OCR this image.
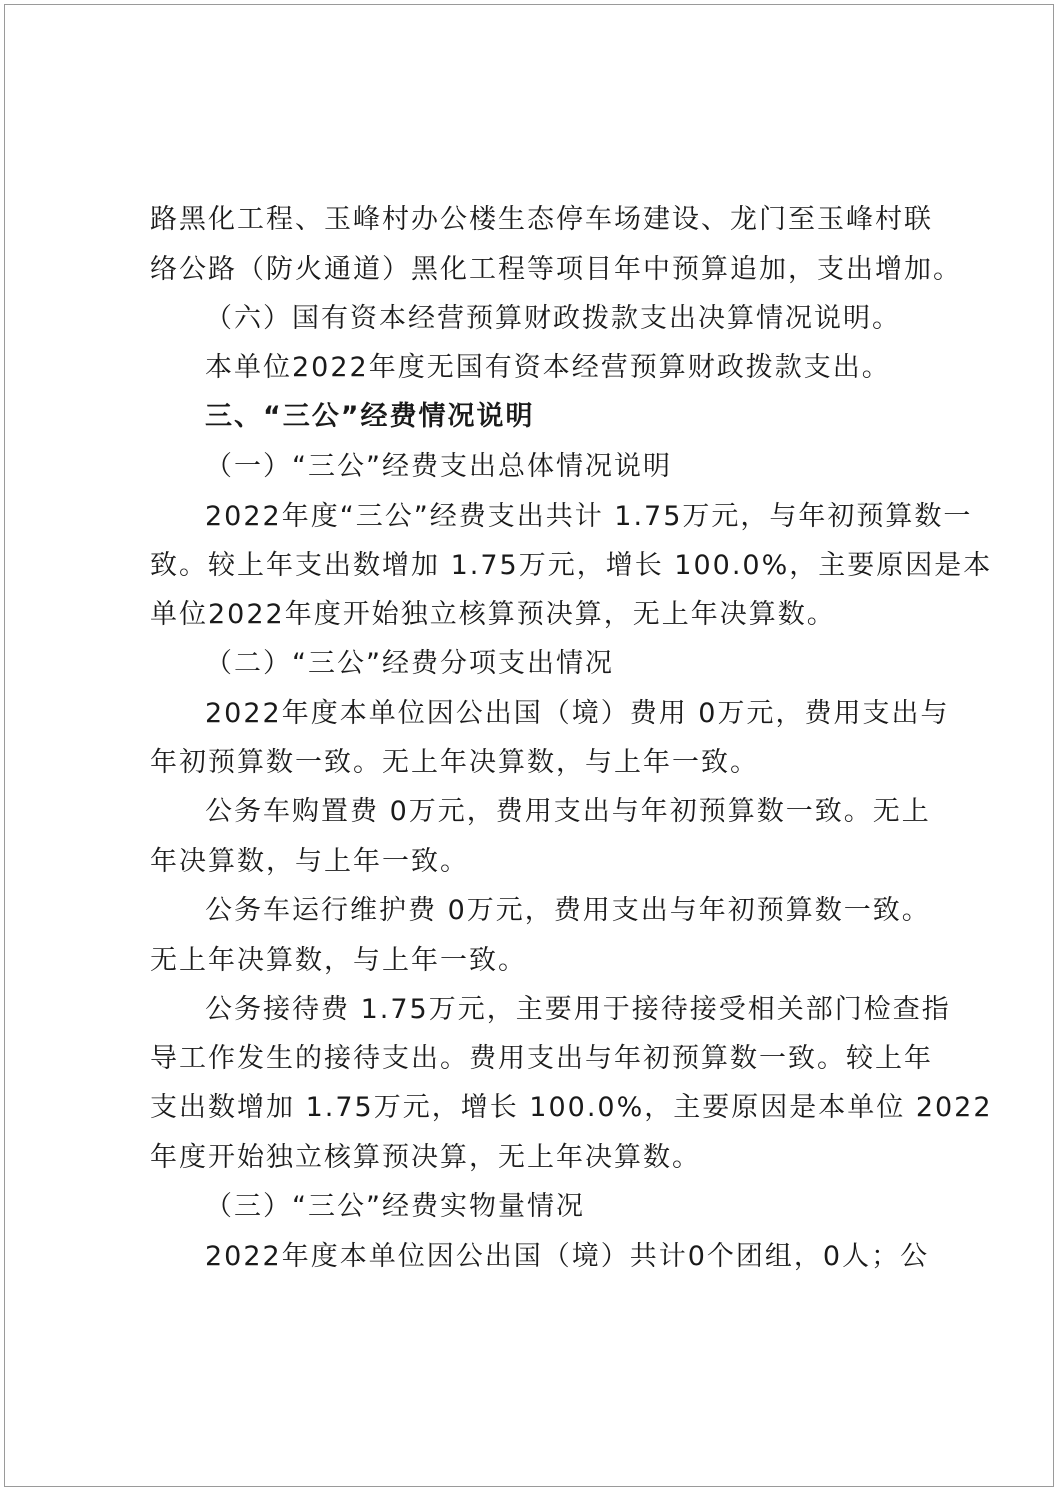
路黑化工程、玉峰村办公楼生态停车场建设、龙门至玉峰村联
络公路（防火通道）黑化工程等项目年中预算追加，支出增加。
（六）国有资本经营预算财政拨款支出决算情况说明。
本单位2022年度无国有资本经营预算财政拨款支出。
三、“三公”经费情况说明
（一）“三公”经费支出总体情况说明
2022年度“三公”经费支出共计 1.75万元，与年初预算数一
致。较上年支出数增加 1.75万元，增长 100.0%，主要原因是本
单位2022年度开始独立核算预决算，无上年决算数。
（二）“三公”经费分项支出情况
2022年度本单位因公出国（境）费用 0万元，费用支出与
年初预算数一致。无上年决算数，与上年一致。
公务车购置费 0万元，费用支出与年初预算数一致。无上
年决算数，与上年一致。
公务车运行维护费 0万元，费用支出与年初预算数一致。
无上年决算数，与上年一致。
公务接待费 1.75万元，主要用于接待接受相关部门检查指
导工作发生的接待支出。费用支出与年初预算数一致。较上年
支出数增加 1.75万元，增长 100.0%，主要原因是本单位 2022
年度开始独立核算预决算，无上年决算数。
（三）“三公”经费实物量情况
2022年度本单位因公出国（境）共计0个团组，0人；公
